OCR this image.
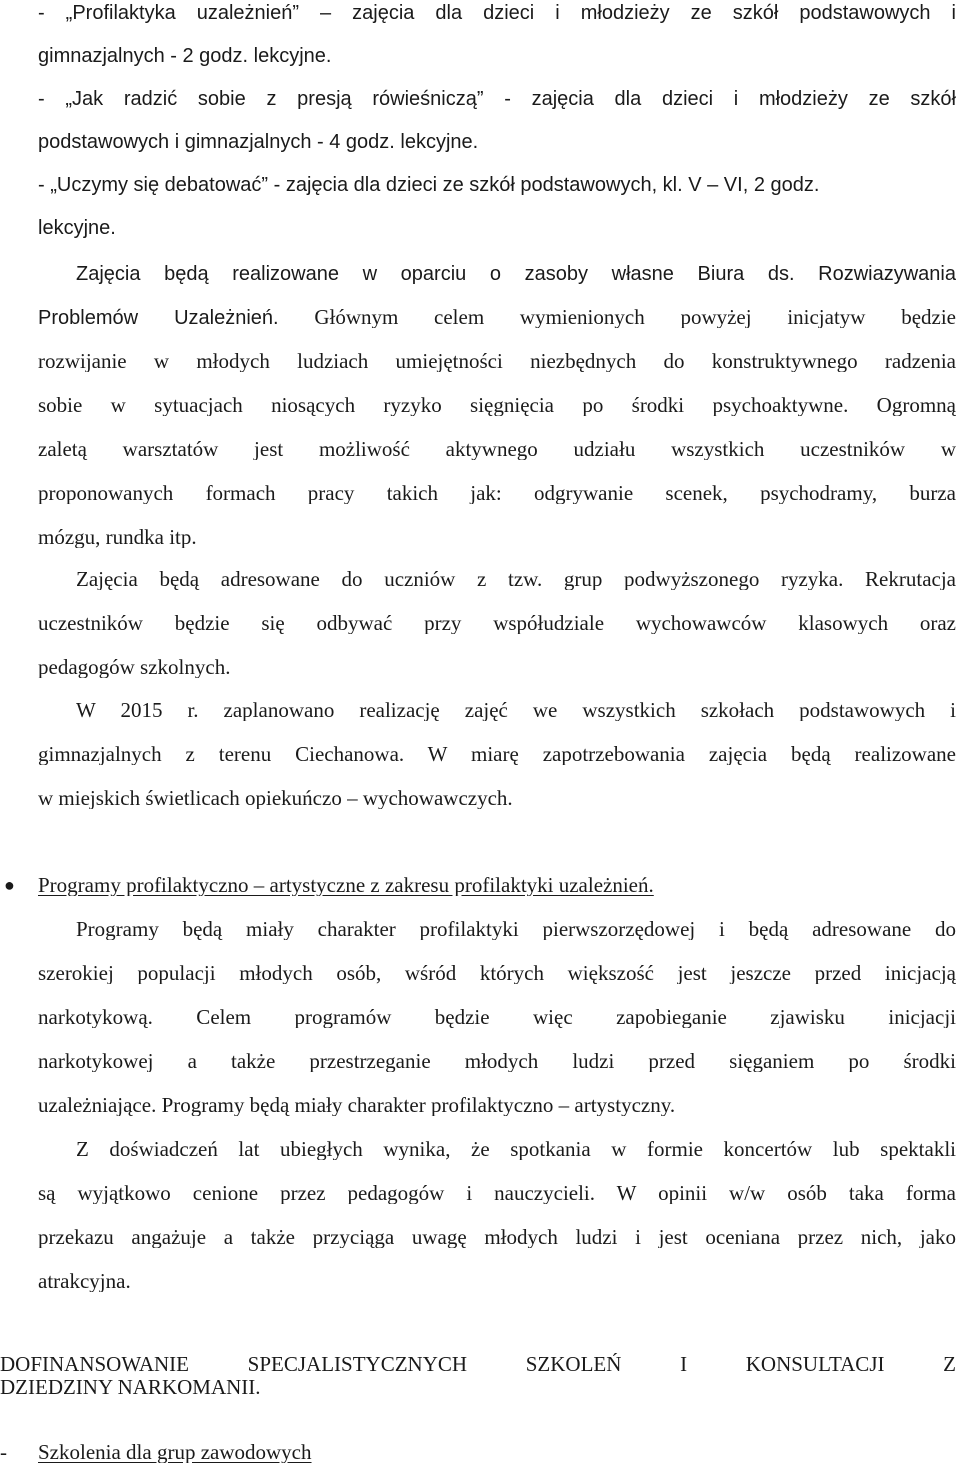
- „Profilaktyka uzależnień” – zajęcia dla dzieci i młodzieży ze szkół podstawowych i

gimnazjalnych - 2 godz. lekcyjne.

- „Jak radzić sobie z presją rówieśniczą” - zajęcia dla dzieci i młodzieży ze szkół

podstawowych i gimnazjalnych - 4 godz. lekcyjne.

- „Uczymy się debatować” - zajęcia dla dzieci ze szkół podstawowych, kl. V – VI, 2 godz.

lekcyjne.

Zajęcia będą realizowane w oparciu o zasoby własne Biura ds. Rozwiazywania

Problemów Uzależnień. Głównym celem wymienionych powyżej inicjatyw będzie

rozwijanie w młodych ludziach umiejętności niezbędnych do konstruktywnego radzenia

sobie w sytuacjach niosących ryzyko sięgnięcia po środki psychoaktywne. Ogromną

zaletą warsztatów jest możliwość aktywnego udziału wszystkich uczestników w

proponowanych formach pracy takich jak: odgrywanie scenek, psychodramy, burza

mózgu, rundka itp.

Zajęcia będą adresowane do uczniów z tzw. grup podwyższonego ryzyka. Rekrutacja

uczestników będzie się odbywać przy współudziale wychowawców klasowych oraz

pedagogów szkolnych.

W 2015 r. zaplanowano realizację zajęć we wszystkich szkołach podstawowych i

gimnazjalnych z terenu Ciechanowa. W miarę zapotrzebowania zajęcia będą realizowane

w miejskich świetlicach opiekuńczo – wychowawczych.

● Programy profilaktyczno – artystyczne z zakresu profilaktyki uzależnień.

Programy będą miały charakter profilaktyki pierwszorzędowej i będą adresowane do

szerokiej populacji młodych osób, wśród których większość jest jeszcze przed inicjacją

narkotykową. Celem programów będzie więc zapobieganie zjawisku inicjacji

narkotykowej a także przestrzeganie młodych ludzi przed sięganiem po środki

uzależniające. Programy będą miały charakter profilaktyczno – artystyczny.

Z doświadczeń lat ubiegłych wynika, że spotkania w formie koncertów lub spektakli

są wyjątkowo cenione przez pedagogów i nauczycieli. W opinii w/w osób taka forma

przekazu angażuje a także przyciąga uwagę młodych ludzi i jest oceniana przez nich, jako

atrakcyjna.

DOFINANSOWANIE SPECJALISTYCZNYCH SZKOLEŃ I KONSULTACJI Z

DZIEDZINY NARKOMANII.

-	Szkolenia dla grup zawodowych
